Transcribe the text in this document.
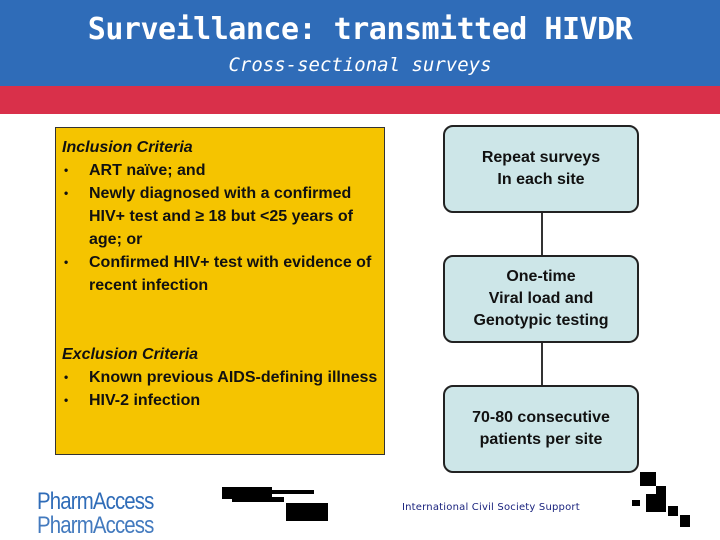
Surveillance: transmitted HIVDR
Cross-sectional surveys
Inclusion Criteria
• ART naïve; and
• Newly diagnosed with a confirmed HIV+ test and ≥ 18 but <25 years of age; or
• Confirmed HIV+ test with evidence of recent infection
Exclusion Criteria
• Known previous AIDS-defining illness
• HIV-2 infection
Repeat surveys
In each site
One-time
Viral load and
Genotypic testing
70-80 consecutive
patients per site
PharmAccess
PharmAccess
International Civil Society Support
